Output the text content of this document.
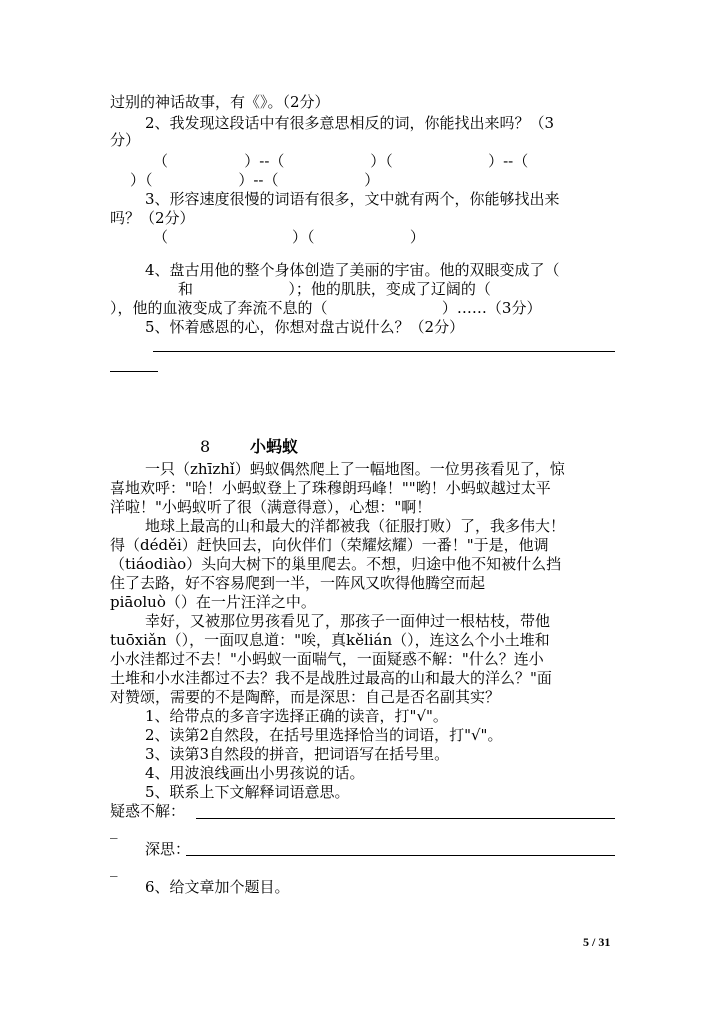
过别的神话故事，有《》。（2分）
2、我发现这段话中有很多意思相反的词，你能找出来吗？（3
分）
（                ）--（                  ）（                    ）--（
）（                  ）--（                  ）
3、形容速度很慢的词语有很多，文中就有两个，你能够找出来
吗？（2分）
（                          ）（                    ）
4、盘古用他的整个身体创造了美丽的宇宙。他的双眼变成了（
和                    ）；他的肌肤，变成了辽阔的（
），他的血液变成了奔流不息的（                        ）……（3分）
5、怀着感恩的心，你想对盘古说什么？（2分）
8 小蚂蚁
一只（zhīzhǐ）蚂蚁偶然爬上了一幅地图。一位男孩看见了，惊
喜地欢呼："哈！小蚂蚁登上了珠穆朗玛峰！""哟！小蚂蚁越过太平
洋啦！"小蚂蚁听了很（满意得意），心想："啊！
地球上最高的山和最大的洋都被我（征服打败）了，我多伟大！
得（déděi）赶快回去，向伙伴们（荣耀炫耀）一番！"于是，他调
（tiáodiào）头向大树下的巢里爬去。不想，归途中他不知被什么挡
住了去路，好不容易爬到一半，一阵风又吹得他腾空而起
piāoluò（）在一片汪洋之中。
幸好，又被那位男孩看见了，那孩子一面伸过一根枯枝，带他
tuōxiǎn（），一面叹息道："唉，真kělián（），连这么个小土堆和
小水洼都过不去！"小蚂蚁一面喘气，一面疑惑不解："什么？连小
土堆和小水洼都过不去？我不是战胜过最高的山和最大的洋么？"面
对赞颂，需要的不是陶醉，而是深思：自己是否名副其实？
1、给带点的多音字选择正确的读音，打"√"。
2、读第2自然段，在括号里选择恰当的词语，打"√"。
3、读第3自然段的拼音，把词语写在括号里。
4、用波浪线画出小男孩说的话。
5、联系上下文解释词语意思。
疑惑不解：
_
深思：
_
6、给文章加个题目。
5 / 31
